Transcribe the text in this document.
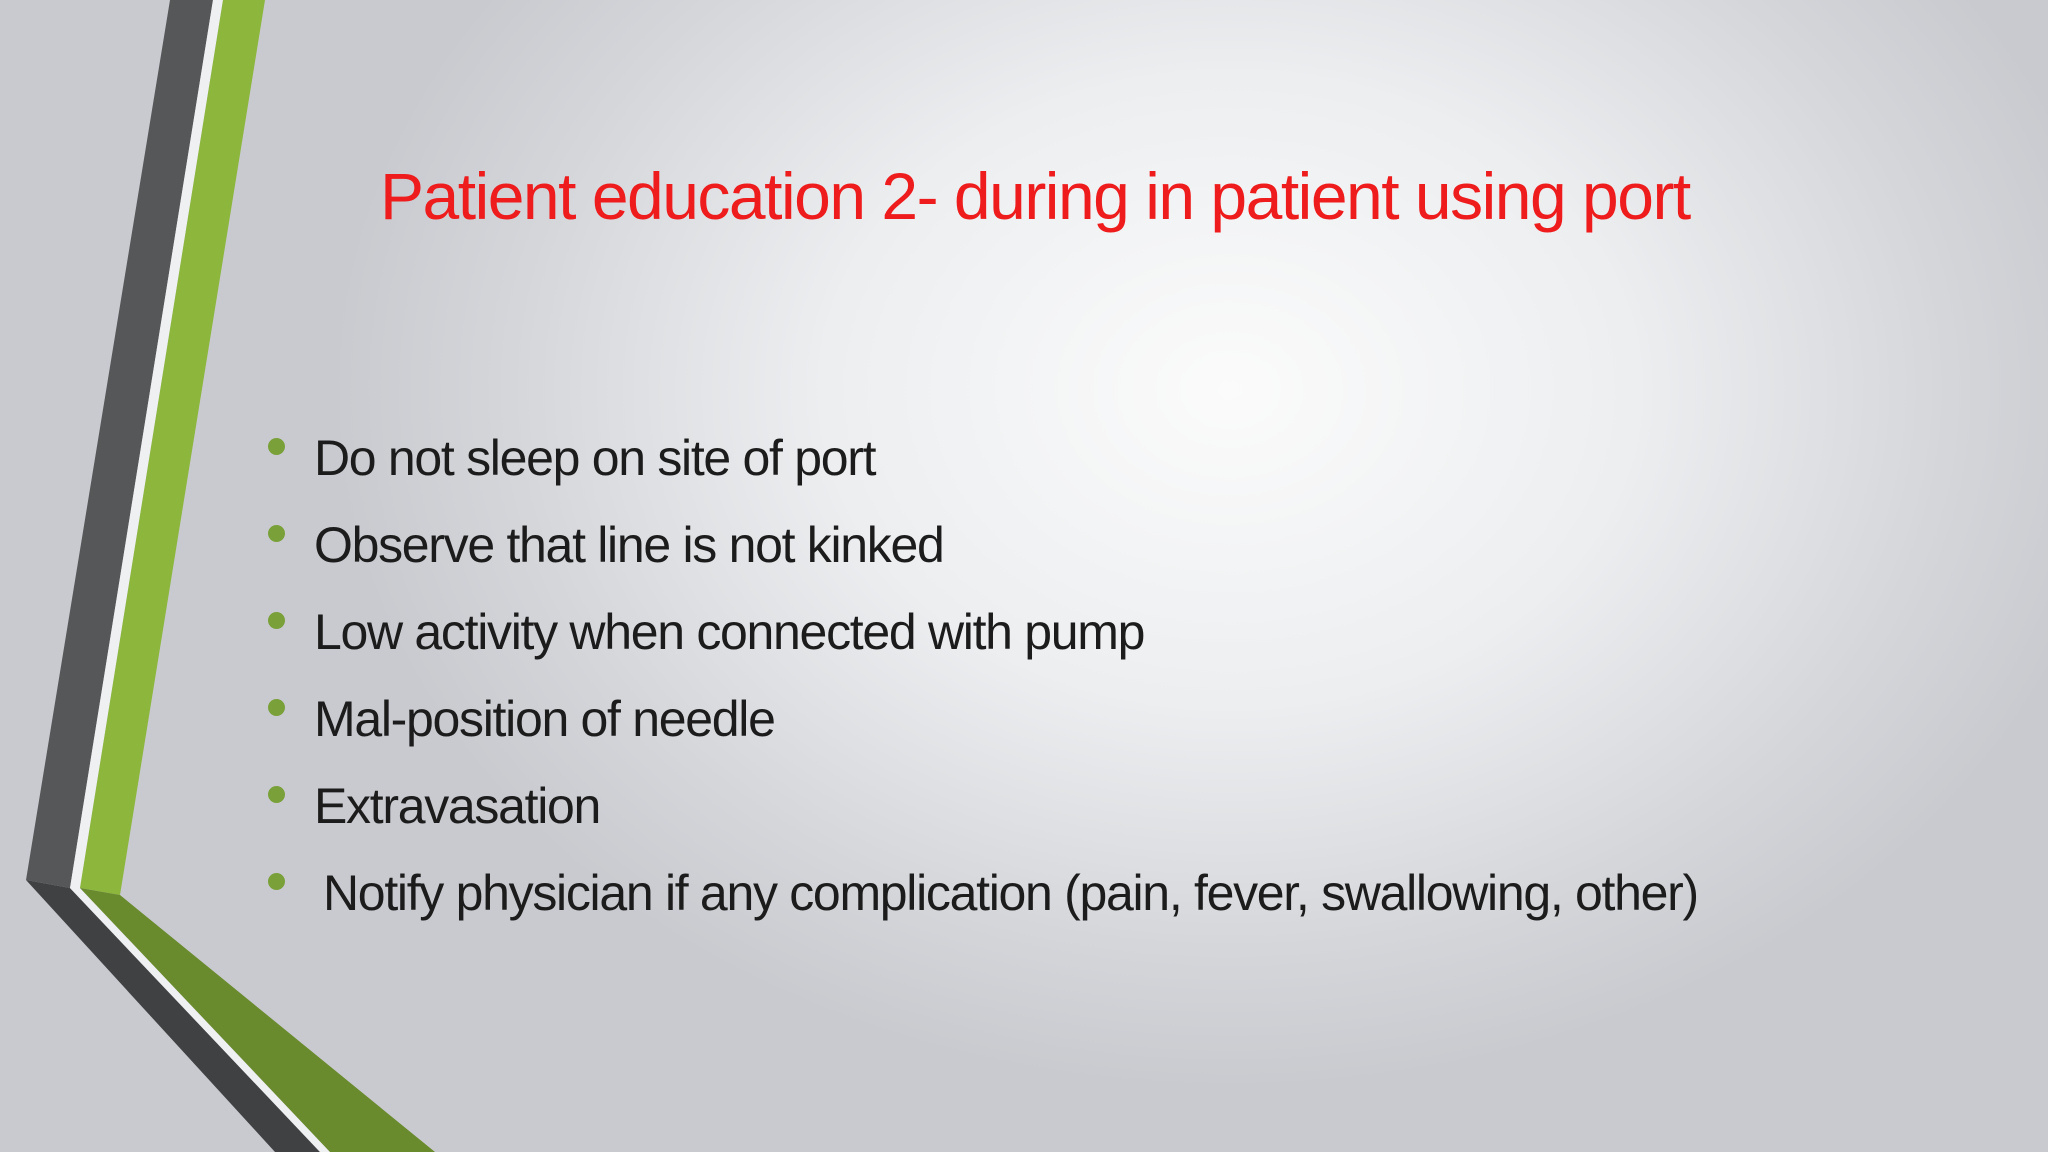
Patient education 2- during in patient using port
Do not sleep on site of port
Observe that line is not kinked
Low activity when connected with pump
Mal-position of needle
Extravasation
Notify physician if any complication (pain, fever, swallowing, other)
